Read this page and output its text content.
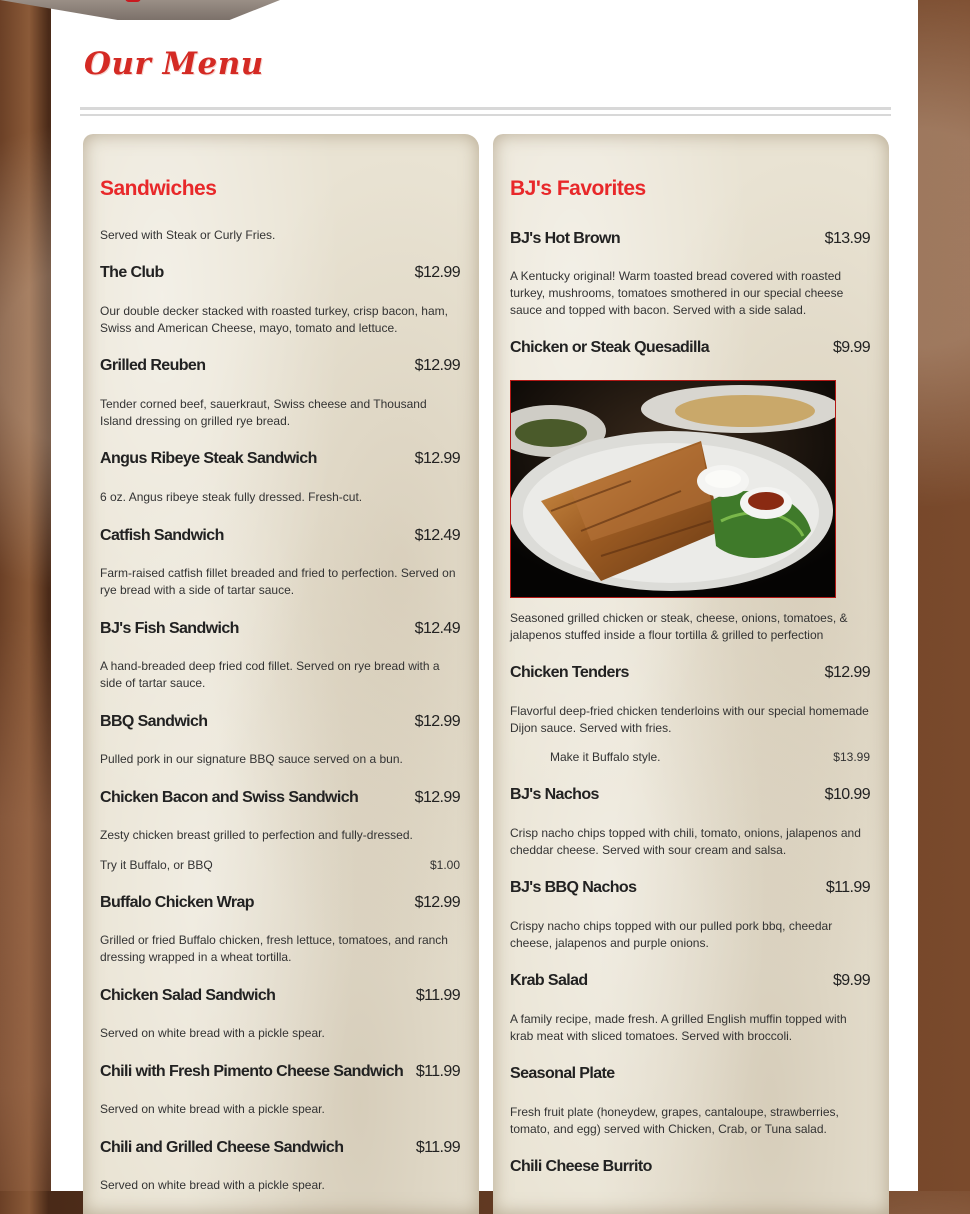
Our Menu
Sandwiches

Served with Steak or Curly Fries.

The Club	$12.99

Our double decker stacked with roasted turkey, crisp bacon, ham, Swiss and American Cheese, mayo, tomato and lettuce.

Grilled Reuben	$12.99

Tender corned beef, sauerkraut, Swiss cheese and Thousand Island dressing on grilled rye bread.

Angus Ribeye Steak Sandwich	$12.99

6 oz. Angus ribeye steak fully dressed. Fresh-cut.

Catfish Sandwich	$12.49

Farm-raised catfish fillet breaded and fried to perfection. Served on rye bread with a side of tartar sauce.

BJ's Fish Sandwich	$12.49

A hand-breaded deep fried cod fillet. Served on rye bread with a side of tartar sauce.

BBQ Sandwich	$12.99

Pulled pork in our signature BBQ sauce served on a bun.

Chicken Bacon and Swiss Sandwich	$12.99

Zesty chicken breast grilled to perfection and fully-dressed.

Try it Buffalo, or BBQ	$1.00
Buffalo Chicken Wrap	$12.99

Grilled or fried Buffalo chicken, fresh lettuce, tomatoes, and ranch dressing wrapped in a wheat tortilla.

Chicken Salad Sandwich	$11.99

Served on white bread with a pickle spear.

Chili with Fresh Pimento Cheese Sandwich $11.99

Served on white bread with a pickle spear.

Chili and Grilled Cheese Sandwich	$11.99

Served on white bread with a pickle spear.

BJ's Favorites
BJ's Hot Brown	$13.99

A Kentucky original! Warm toasted bread covered with roasted turkey, mushrooms, tomatoes smothered in our special cheese sauce and topped with bacon. Served with a side salad.

Chicken or Steak Quesadilla	$9.99

Seasoned grilled chicken or steak, cheese, onions, tomatoes, & jalapenos stuffed inside a flour tortilla & grilled to perfection

Chicken Tenders	$12.99

Flavorful deep-fried chicken tenderloins with our special homemade Dijon sauce. Served with fries.

Make it Buffalo style.	$13.99
BJ's Nachos	$10.99

Crisp nacho chips topped with chili, tomato, onions, jalapenos and cheddar cheese. Served with sour cream and salsa.

BJ's BBQ Nachos	$11.99

Crispy nacho chips topped with our pulled pork bbq, cheedar cheese, jalapenos and purple onions.

Krab Salad	$9.99

A family recipe, made fresh. A grilled English muffin topped with krab meat with sliced tomatoes. Served with broccoli.

Seasonal Plate

Fresh fruit plate (honeydew, grapes, cantaloupe, strawberries, tomato, and egg) served with Chicken, Crab, or Tuna salad.

Chili Cheese Burrito
